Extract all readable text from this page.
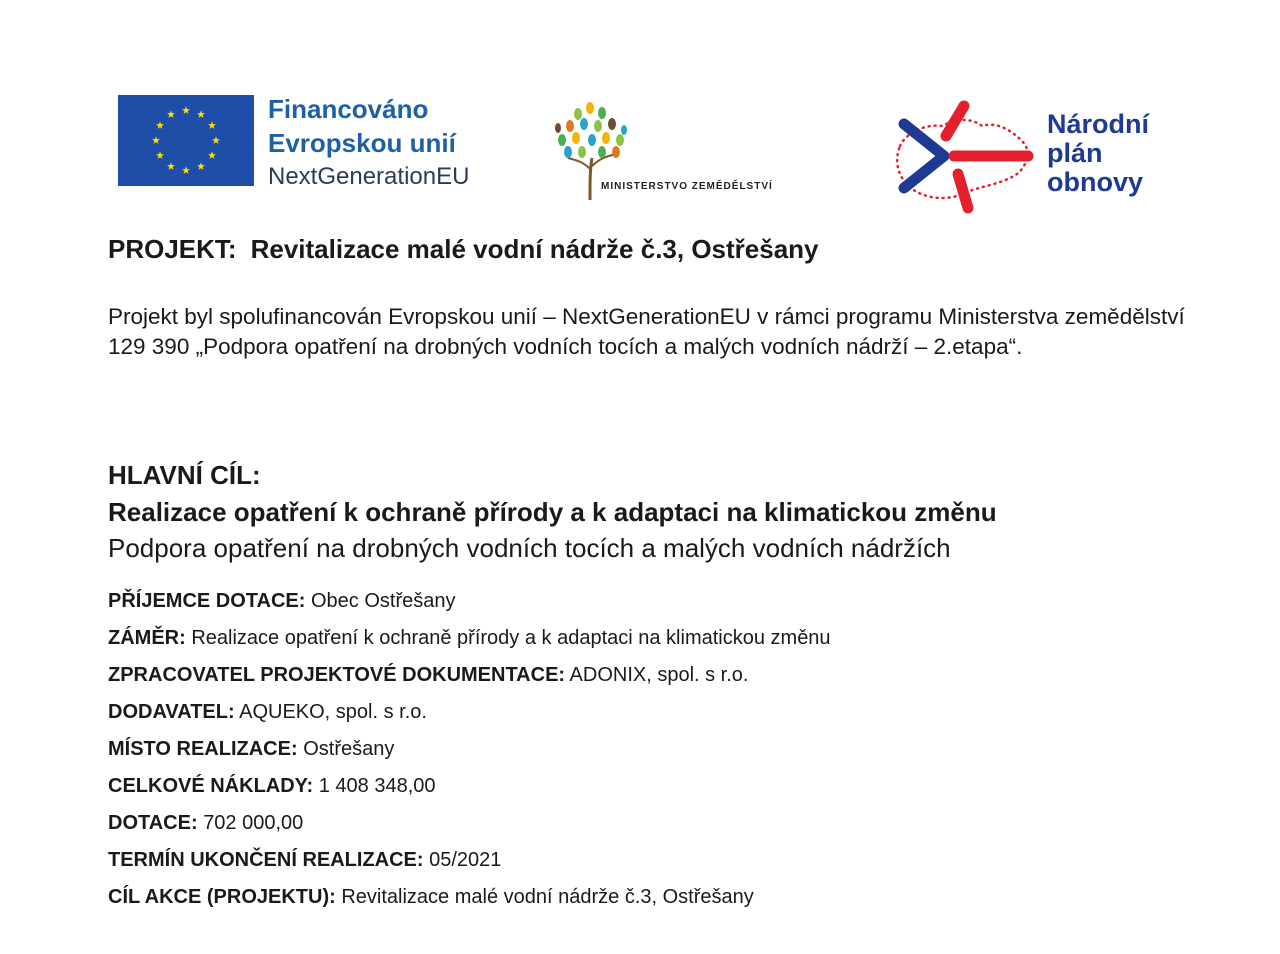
Financováno
Evropskou unií
NextGenerationEU	MINISTERSTVO ZEMĚDĚLSTVÍ
Národní
plán
obnovy
PROJEKT: Revitalizace malé vodní nádrže č.3, Ostřešany
Projekt byl spolufinancován Evropskou unií – NextGenerationEU v rámci programu Ministerstva zemědělství 129 390 „Podpora opatření na drobných vodních tocích a malých vodních nádrží – 2.etapa“.
HLAVNÍ CÍL:
Realizace opatření k ochraně přírody a k adaptaci na klimatickou změnu
Podpora opatření na drobných vodních tocích a malých vodních nádržích
PŘÍJEMCE DOTACE: Obec Ostřešany
ZÁMĚR: Realizace opatření k ochraně přírody a k adaptaci na klimatickou změnu
ZPRACOVATEL PROJEKTOVÉ DOKUMENTACE: ADONIX, spol. s r.o.
DODAVATEL: AQUEKO, spol. s r.o.
MÍSTO REALIZACE: Ostřešany
CELKOVÉ NÁKLADY: 1 408 348,00
DOTACE: 702 000,00
TERMÍN UKONČENÍ REALIZACE: 05/2021
CÍL AKCE (PROJEKTU): Revitalizace malé vodní nádrže č.3, Ostřešany
